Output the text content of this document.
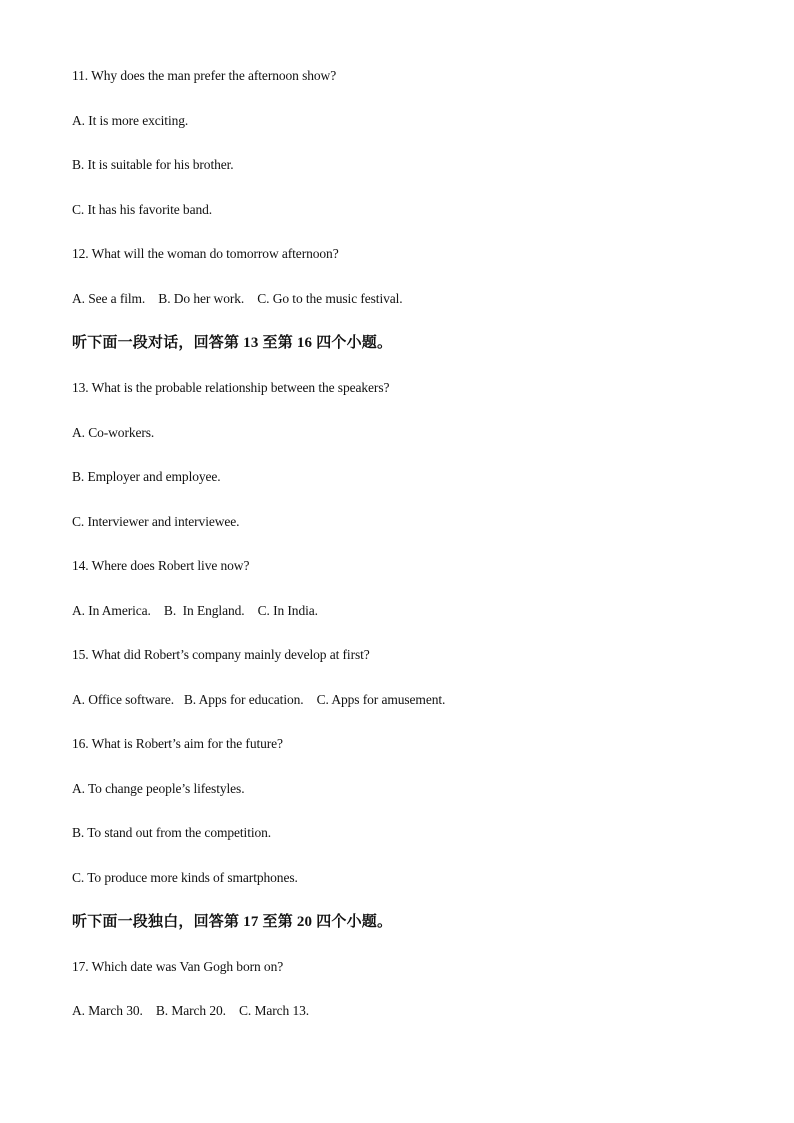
11. Why does the man prefer the afternoon show?
A. It is more exciting.
B. It is suitable for his brother.
C. It has his favorite band.
12. What will the woman do tomorrow afternoon?
A. See a film.    B. Do her work.    C. Go to the music festival.
听下面一段对话，回答第 13 至第 16 四个小题。
13. What is the probable relationship between the speakers?
A. Co-workers.
B. Employer and employee.
C. Interviewer and interviewee.
14. Where does Robert live now?
A. In America.    B.  In England.    C. In India.
15. What did Robert’s company mainly develop at first?
A. Office software.   B. Apps for education.    C. Apps for amusement.
16. What is Robert’s aim for the future?
A. To change people’s lifestyles.
B. To stand out from the competition.
C. To produce more kinds of smartphones.
听下面一段独白，回答第 17 至第 20 四个小题。
17. Which date was Van Gogh born on?
A. March 30.    B. March 20.    C. March 13.
